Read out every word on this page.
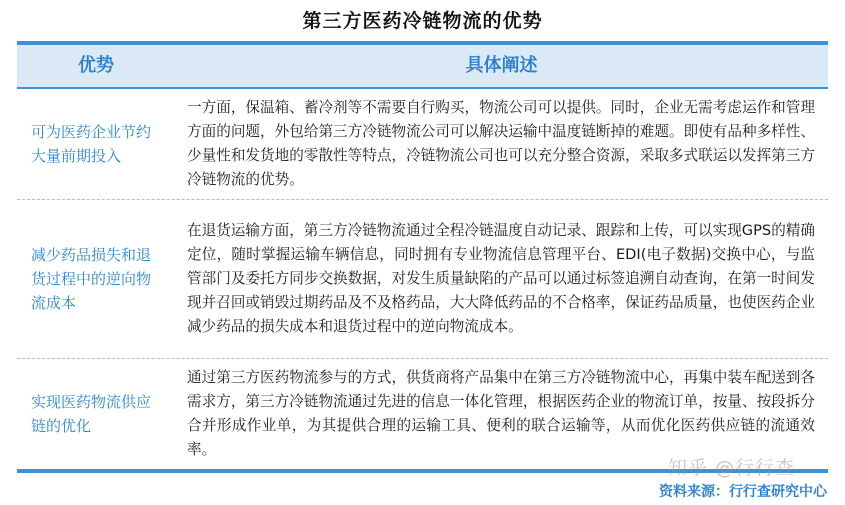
第三方医药冷链物流的优势
优势	具体阐述
可为医药企业节约大量前期投入
一方面，保温箱、蓄冷剂等不需要自行购买，物流公司可以提供。同时，企业无需考虑运作和管理方面的问题，外包给第三方冷链物流公司可以解决运输中温度链断掉的难题。即使有品种多样性、少量性和发货地的零散性等特点，冷链物流公司也可以充分整合资源，采取多式联运以发挥第三方冷链物流的优势。
减少药品损失和退货过程中的逆向物流成本
在退货运输方面，第三方冷链物流通过全程冷链温度自动记录、跟踪和上传，可以实现GPS的精确定位，随时掌握运输车辆信息，同时拥有专业物流信息管理平台、EDI(电子数据)交换中心，与监管部门及委托方同步交换数据，对发生质量缺陷的产品可以通过标签追溯自动查询，在第一时间发现并召回或销毁过期药品及不及格药品，大大降低药品的不合格率，保证药品质量，也使医药企业减少药品的损失成本和退货过程中的逆向物流成本。
实现医药物流供应链的优化
通过第三方医药物流参与的方式，供货商将产品集中在第三方冷链物流中心，再集中装车配送到各需求方，第三方冷链物流通过先进的信息一体化管理，根据医药企业的物流订单，按量、按段拆分合并形成作业单，为其提供合理的运输工具、便利的联合运输等，从而优化医药供应链的流通效率。
知乎 @行行查
资料来源：行行查研究中心
